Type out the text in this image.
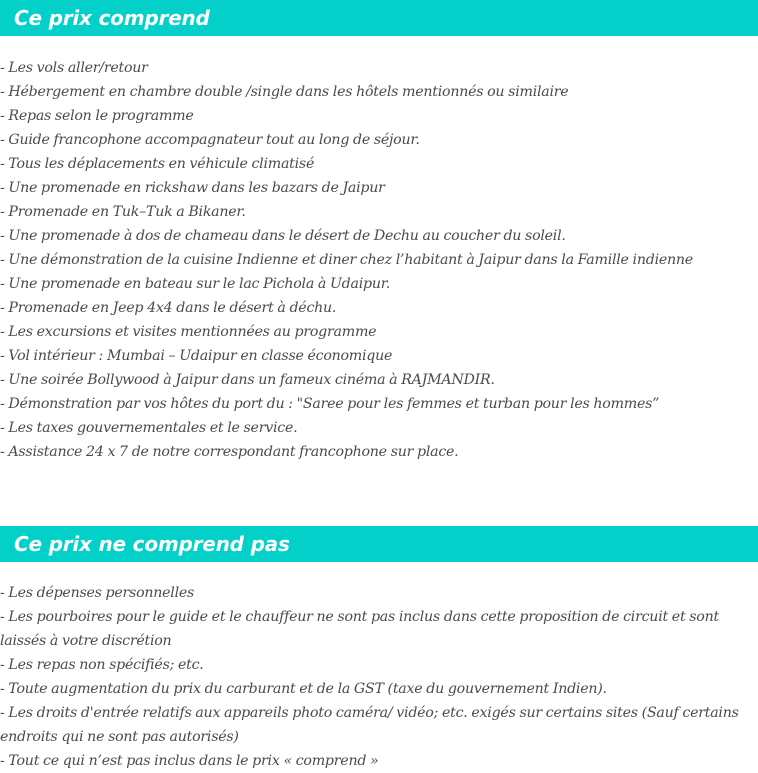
Ce prix comprend
- Les vols aller/retour
- Hébergement en chambre double /single dans les hôtels mentionnés ou similaire
- Repas selon le programme
- Guide francophone accompagnateur tout au long de séjour.
- Tous les déplacements en véhicule climatisé
- Une promenade en rickshaw dans les bazars de Jaipur
- Promenade en Tuk–Tuk a Bikaner.
- Une promenade à dos de chameau dans le désert de Dechu au coucher du soleil.
- Une démonstration de la cuisine Indienne et diner chez l’habitant à Jaipur dans la Famille indienne
- Une promenade en bateau sur le lac Pichola à Udaipur.
- Promenade en Jeep 4x4 dans le désert à déchu.
- Les excursions et visites mentionnées au programme
- Vol intérieur : Mumbai – Udaipur en classe économique
- Une soirée Bollywood à Jaipur dans un fameux cinéma à RAJMANDIR.
- Démonstration par vos hôtes du port du : "Saree pour les femmes et turban pour les hommes”
- Les taxes gouvernementales et le service.
- Assistance 24 x 7 de notre correspondant francophone sur place.
Ce prix ne comprend pas
- Les dépenses personnelles
- Les pourboires pour le guide et le chauffeur ne sont pas inclus dans cette proposition de circuit et sont laissés à votre discrétion
- Les repas non spécifiés; etc.
- Toute augmentation du prix du carburant et de la GST (taxe du gouvernement Indien).
- Les droits d'entrée relatifs aux appareils photo caméra/ vidéo; etc. exigés sur certains sites (Sauf certains endroits qui ne sont pas autorisés)
- Tout ce qui n’est pas inclus dans le prix « comprend »
